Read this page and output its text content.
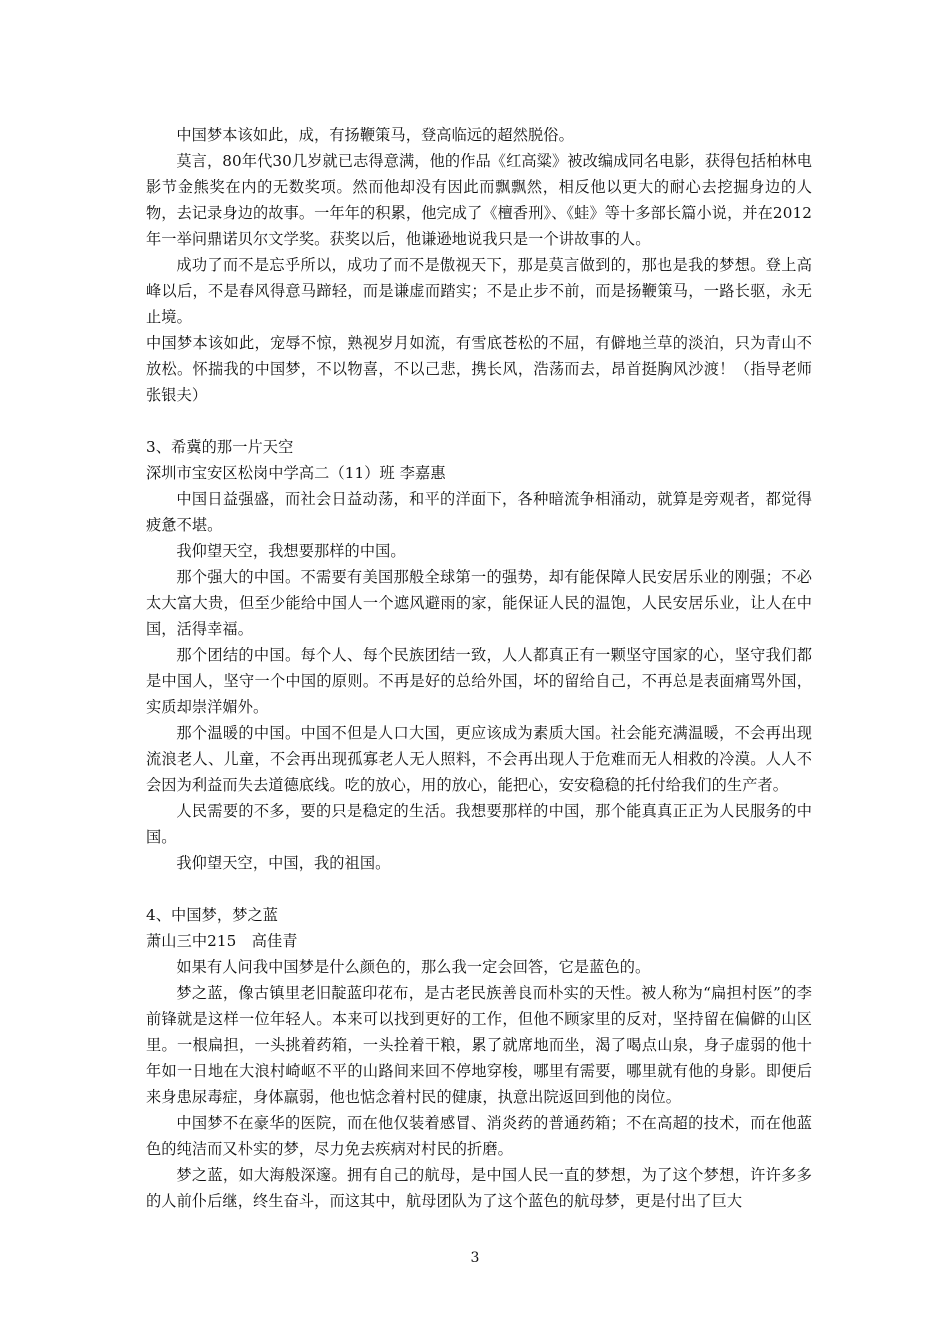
中国梦本该如此，成，有扬鞭策马，登高临远的超然脱俗。

莫言，80年代30几岁就已志得意满，他的作品《红高粱》被改编成同名电影，获得包括柏林电影节金熊奖在内的无数奖项。然而他却没有因此而飘飘然，相反他以更大的耐心去挖掘身边的人物，去记录身边的故事。一年年的积累，他完成了《檀香刑》、《蛙》等十多部长篇小说，并在2012年一举问鼎诺贝尔文学奖。获奖以后，他谦逊地说我只是一个讲故事的人。

成功了而不是忘乎所以，成功了而不是傲视天下，那是莫言做到的，那也是我的梦想。登上高峰以后，不是春风得意马蹄轻，而是谦虚而踏实；不是止步不前，而是扬鞭策马，一路长驱，永无止境。

中国梦本该如此，宠辱不惊，熟视岁月如流，有雪底苍松的不屈，有僻地兰草的淡泊，只为青山不放松。怀揣我的中国梦，不以物喜，不以己悲，携长风，浩荡而去，昂首挺胸风沙渡！（指导老师　张银夫）

3、希冀的那一片天空

深圳市宝安区松岗中学高二（11）班 李嘉惠

中国日益强盛，而社会日益动荡，和平的洋面下，各种暗流争相涌动，就算是旁观者，都觉得疲惫不堪。

我仰望天空，我想要那样的中国。

那个强大的中国。不需要有美国那般全球第一的强势，却有能保障人民安居乐业的刚强；不必太大富大贵，但至少能给中国人一个遮风避雨的家，能保证人民的温饱，人民安居乐业，让人在中国，活得幸福。

那个团结的中国。每个人、每个民族团结一致，人人都真正有一颗坚守国家的心，坚守我们都是中国人，坚守一个中国的原则。不再是好的总给外国，坏的留给自己，不再总是表面痛骂外国，实质却崇洋媚外。

那个温暖的中国。中国不但是人口大国，更应该成为素质大国。社会能充满温暖，不会再出现流浪老人、儿童，不会再出现孤寡老人无人照料，不会再出现人于危难而无人相救的冷漠。人人不会因为利益而失去道德底线。吃的放心，用的放心，能把心，安安稳稳的托付给我们的生产者。

人民需要的不多，要的只是稳定的生活。我想要那样的中国，那个能真真正正为人民服务的中国。

我仰望天空，中国，我的祖国。

4、中国梦，梦之蓝

萧山三中215　高佳青

如果有人问我中国梦是什么颜色的，那么我一定会回答，它是蓝色的。

梦之蓝，像古镇里老旧靛蓝印花布，是古老民族善良而朴实的天性。被人称为“扁担村医”的李前锋就是这样一位年轻人。本来可以找到更好的工作，但他不顾家里的反对，坚持留在偏僻的山区里。一根扁担，一头挑着药箱，一头拴着干粮，累了就席地而坐，渴了喝点山泉，身子虚弱的他十年如一日地在大浪村崎岖不平的山路间来回不停地穿梭，哪里有需要，哪里就有他的身影。即便后来身患尿毒症，身体羸弱，他也惦念着村民的健康，执意出院返回到他的岗位。

中国梦不在豪华的医院，而在他仅装着感冒、消炎药的普通药箱；不在高超的技术，而在他蓝色的纯洁而又朴实的梦，尽力免去疾病对村民的折磨。

梦之蓝，如大海般深邃。拥有自己的航母，是中国人民一直的梦想，为了这个梦想，许许多多的人前仆后继，终生奋斗，而这其中，航母团队为了这个蓝色的航母梦，更是付出了巨大

3
